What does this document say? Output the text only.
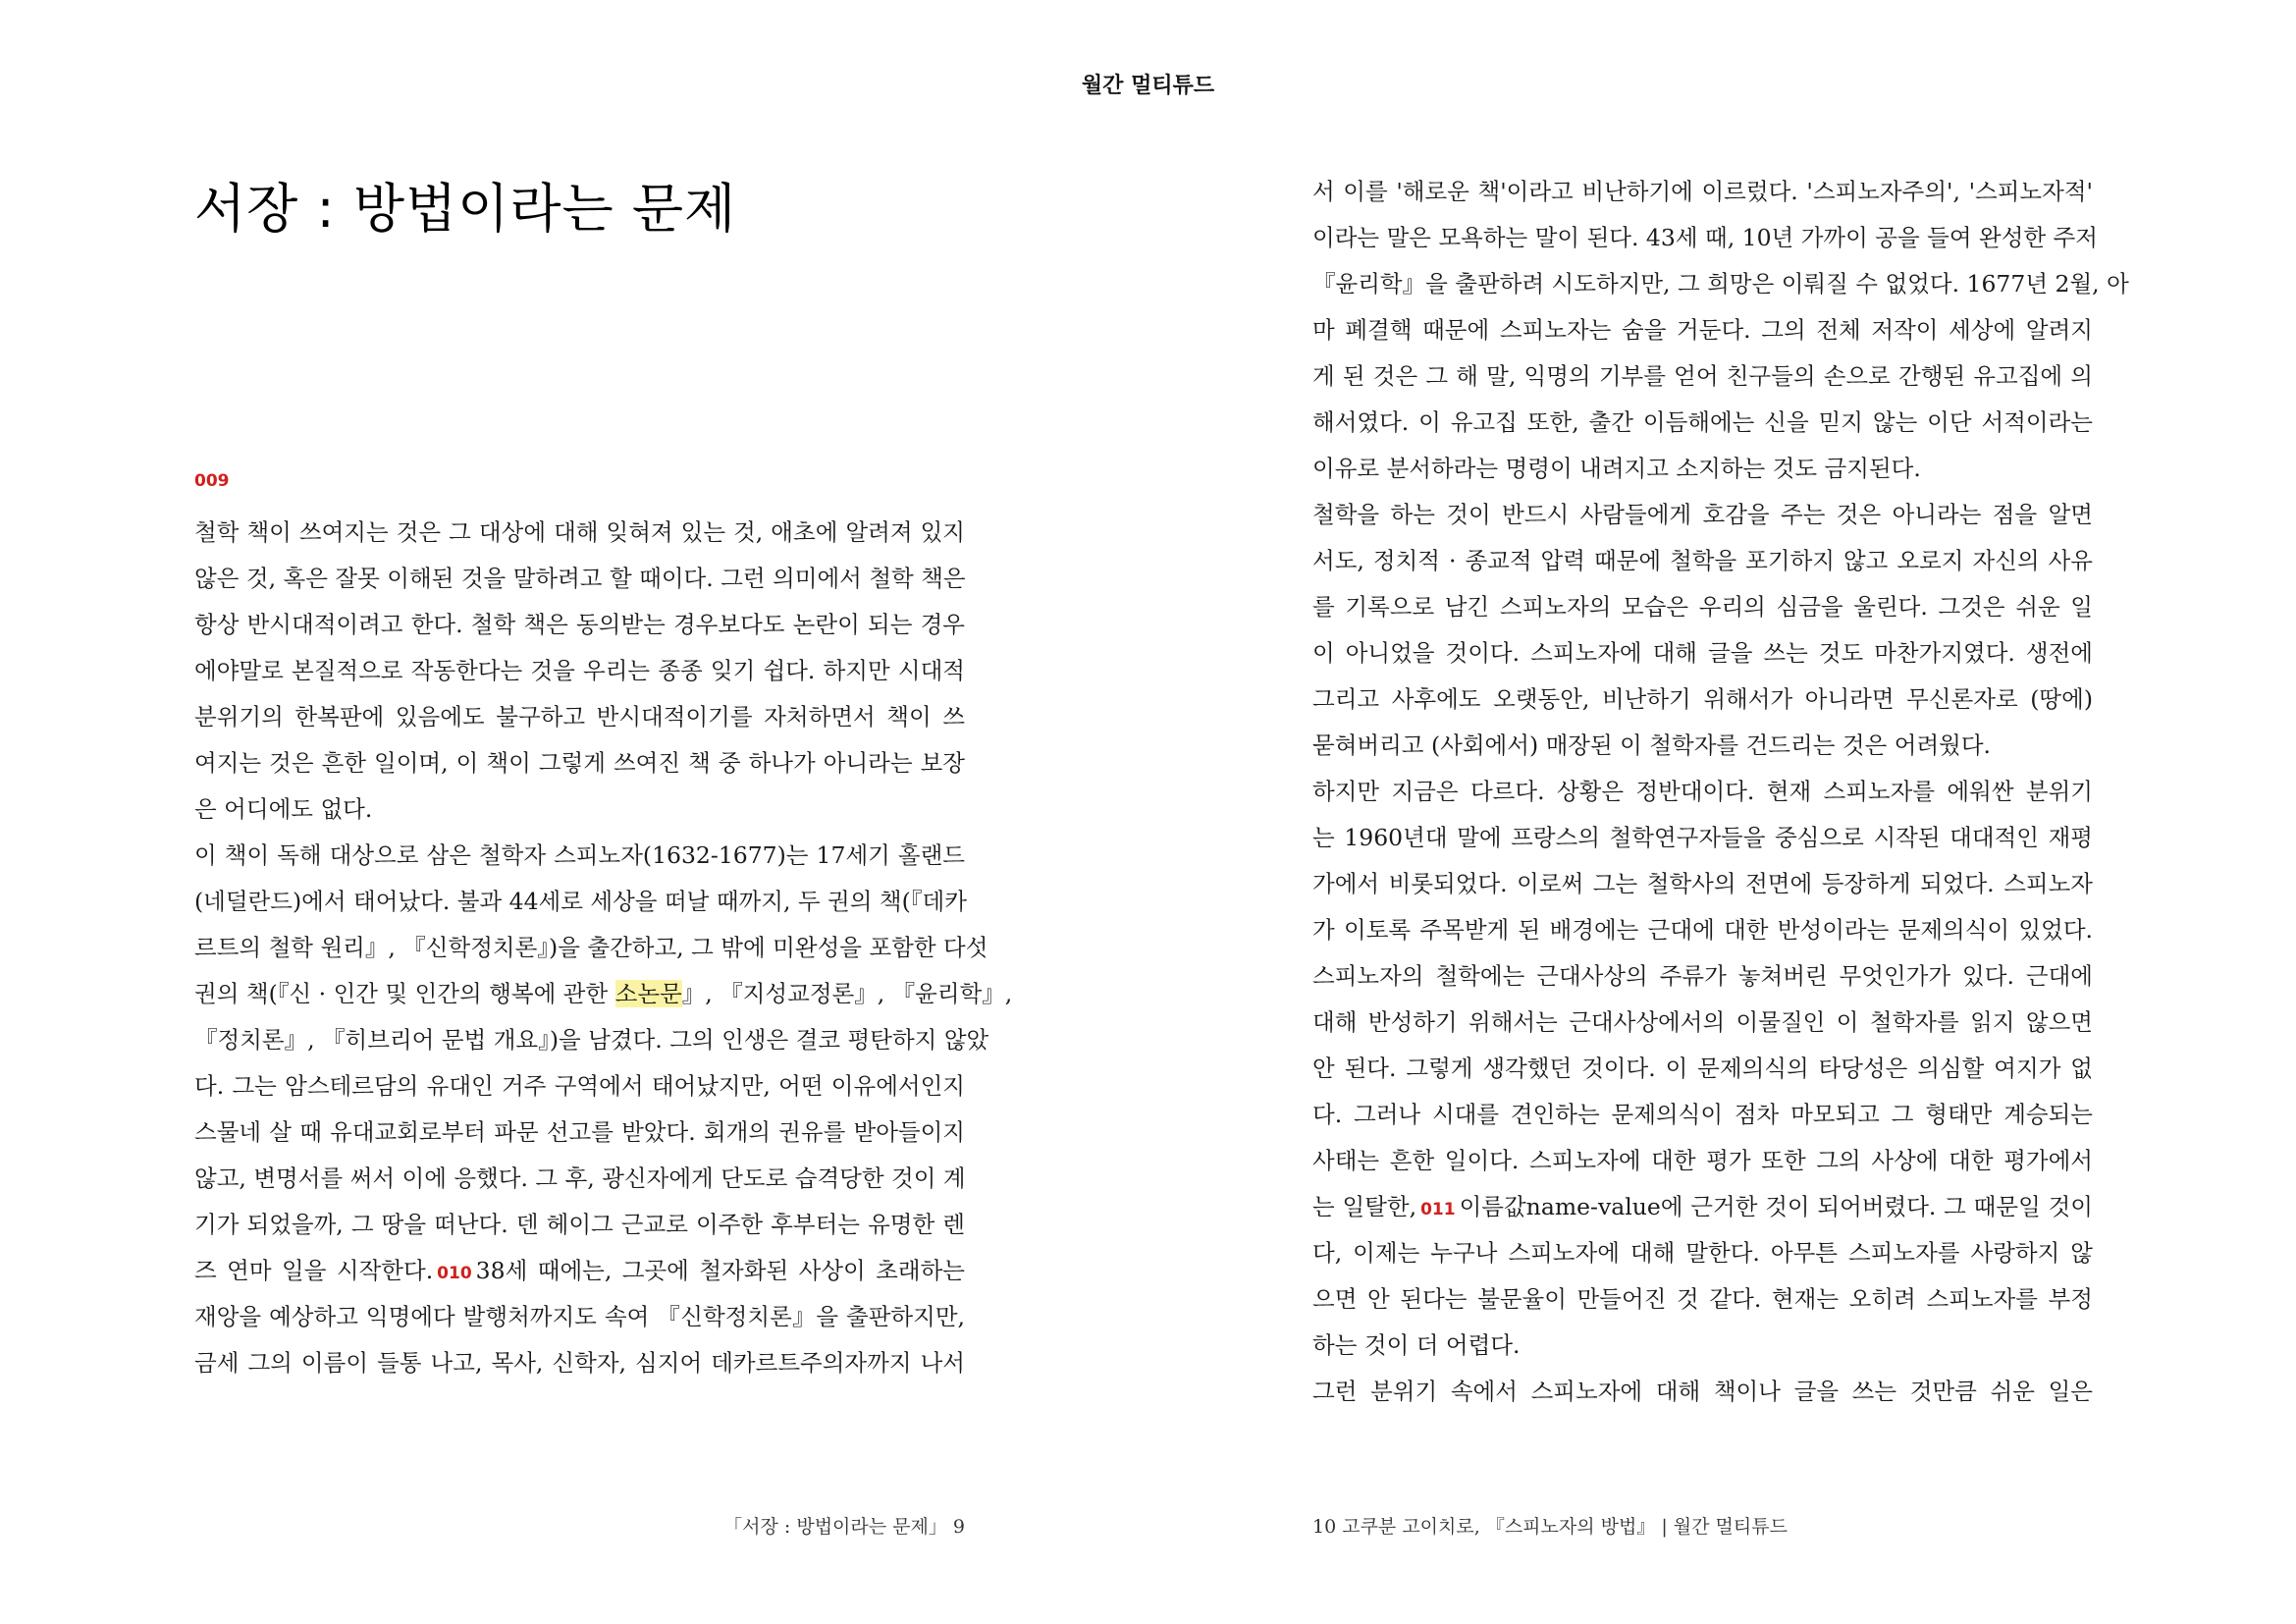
월간 멀티튜드
서장 : 방법이라는 문제
009
철학 책이 쓰여지는 것은 그 대상에 대해 잊혀져 있는 것, 애초에 알려져 있지
않은 것, 혹은 잘못 이해된 것을 말하려고 할 때이다. 그런 의미에서 철학 책은
항상 반시대적이려고 한다. 철학 책은 동의받는 경우보다도 논란이 되는 경우
에야말로 본질적으로 작동한다는 것을 우리는 종종 잊기 쉽다. 하지만 시대적
분위기의 한복판에 있음에도 불구하고 반시대적이기를 자처하면서 책이 쓰
여지는 것은 흔한 일이며, 이 책이 그렇게 쓰여진 책 중 하나가 아니라는 보장
은 어디에도 없다.
이 책이 독해 대상으로 삼은 철학자 스피노자(1632-1677)는 17세기 홀랜드
(네덜란드)에서 태어났다. 불과 44세로 세상을 떠날 때까지, 두 권의 책(『데카
르트의 철학 원리』, 『신학정치론』)을 출간하고, 그 밖에 미완성을 포함한 다섯
권의 책(『신 · 인간 및 인간의 행복에 관한 소논문』, 『지성교정론』, 『윤리학』,
『정치론』, 『히브리어 문법 개요』)을 남겼다. 그의 인생은 결코 평탄하지 않았
다. 그는 암스테르담의 유대인 거주 구역에서 태어났지만, 어떤 이유에서인지
스물네 살 때 유대교회로부터 파문 선고를 받았다. 회개의 권유를 받아들이지
않고, 변명서를 써서 이에 응했다. 그 후, 광신자에게 단도로 습격당한 것이 계
기가 되었을까, 그 땅을 떠난다. 덴 헤이그 근교로 이주한 후부터는 유명한 렌
즈 연마 일을 시작한다. 010 38세 때에는, 그곳에 철자화된 사상이 초래하는
재앙을 예상하고 익명에다 발행처까지도 속여 『신학정치론』을 출판하지만,
금세 그의 이름이 들통 나고, 목사, 신학자, 심지어 데카르트주의자까지 나서
서 이를 '해로운 책'이라고 비난하기에 이르렀다. '스피노자주의', '스피노자적'
이라는 말은 모욕하는 말이 된다. 43세 때, 10년 가까이 공을 들여 완성한 주저
『윤리학』을 출판하려 시도하지만, 그 희망은 이뤄질 수 없었다. 1677년 2월, 아
마 폐결핵 때문에 스피노자는 숨을 거둔다. 그의 전체 저작이 세상에 알려지
게 된 것은 그 해 말, 익명의 기부를 얻어 친구들의 손으로 간행된 유고집에 의
해서였다. 이 유고집 또한, 출간 이듬해에는 신을 믿지 않는 이단 서적이라는
이유로 분서하라는 명령이 내려지고 소지하는 것도 금지된다.
철학을 하는 것이 반드시 사람들에게 호감을 주는 것은 아니라는 점을 알면
서도, 정치적 · 종교적 압력 때문에 철학을 포기하지 않고 오로지 자신의 사유
를 기록으로 남긴 스피노자의 모습은 우리의 심금을 울린다. 그것은 쉬운 일
이 아니었을 것이다. 스피노자에 대해 글을 쓰는 것도 마찬가지였다. 생전에
그리고 사후에도 오랫동안, 비난하기 위해서가 아니라면 무신론자로 (땅에)
묻혀버리고 (사회에서) 매장된 이 철학자를 건드리는 것은 어려웠다.
하지만 지금은 다르다. 상황은 정반대이다. 현재 스피노자를 에워싼 분위기
는 1960년대 말에 프랑스의 철학연구자들을 중심으로 시작된 대대적인 재평
가에서 비롯되었다. 이로써 그는 철학사의 전면에 등장하게 되었다. 스피노자
가 이토록 주목받게 된 배경에는 근대에 대한 반성이라는 문제의식이 있었다.
스피노자의 철학에는 근대사상의 주류가 놓쳐버린 무엇인가가 있다. 근대에
대해 반성하기 위해서는 근대사상에서의 이물질인 이 철학자를 읽지 않으면
안 된다. 그렇게 생각했던 것이다. 이 문제의식의 타당성은 의심할 여지가 없
다. 그러나 시대를 견인하는 문제의식이 점차 마모되고 그 형태만 계승되는
사태는 흔한 일이다. 스피노자에 대한 평가 또한 그의 사상에 대한 평가에서
는 일탈한, 011 이름값name-value에 근거한 것이 되어버렸다. 그 때문일 것이
다, 이제는 누구나 스피노자에 대해 말한다. 아무튼 스피노자를 사랑하지 않
으면 안 된다는 불문율이 만들어진 것 같다. 현재는 오히려 스피노자를 부정
하는 것이 더 어렵다.
그런 분위기 속에서 스피노자에 대해 책이나 글을 쓰는 것만큼 쉬운 일은
「서장 : 방법이라는 문제」 9	10 고쿠분 고이치로, 『스피노자의 방법』 | 월간 멀티튜드
